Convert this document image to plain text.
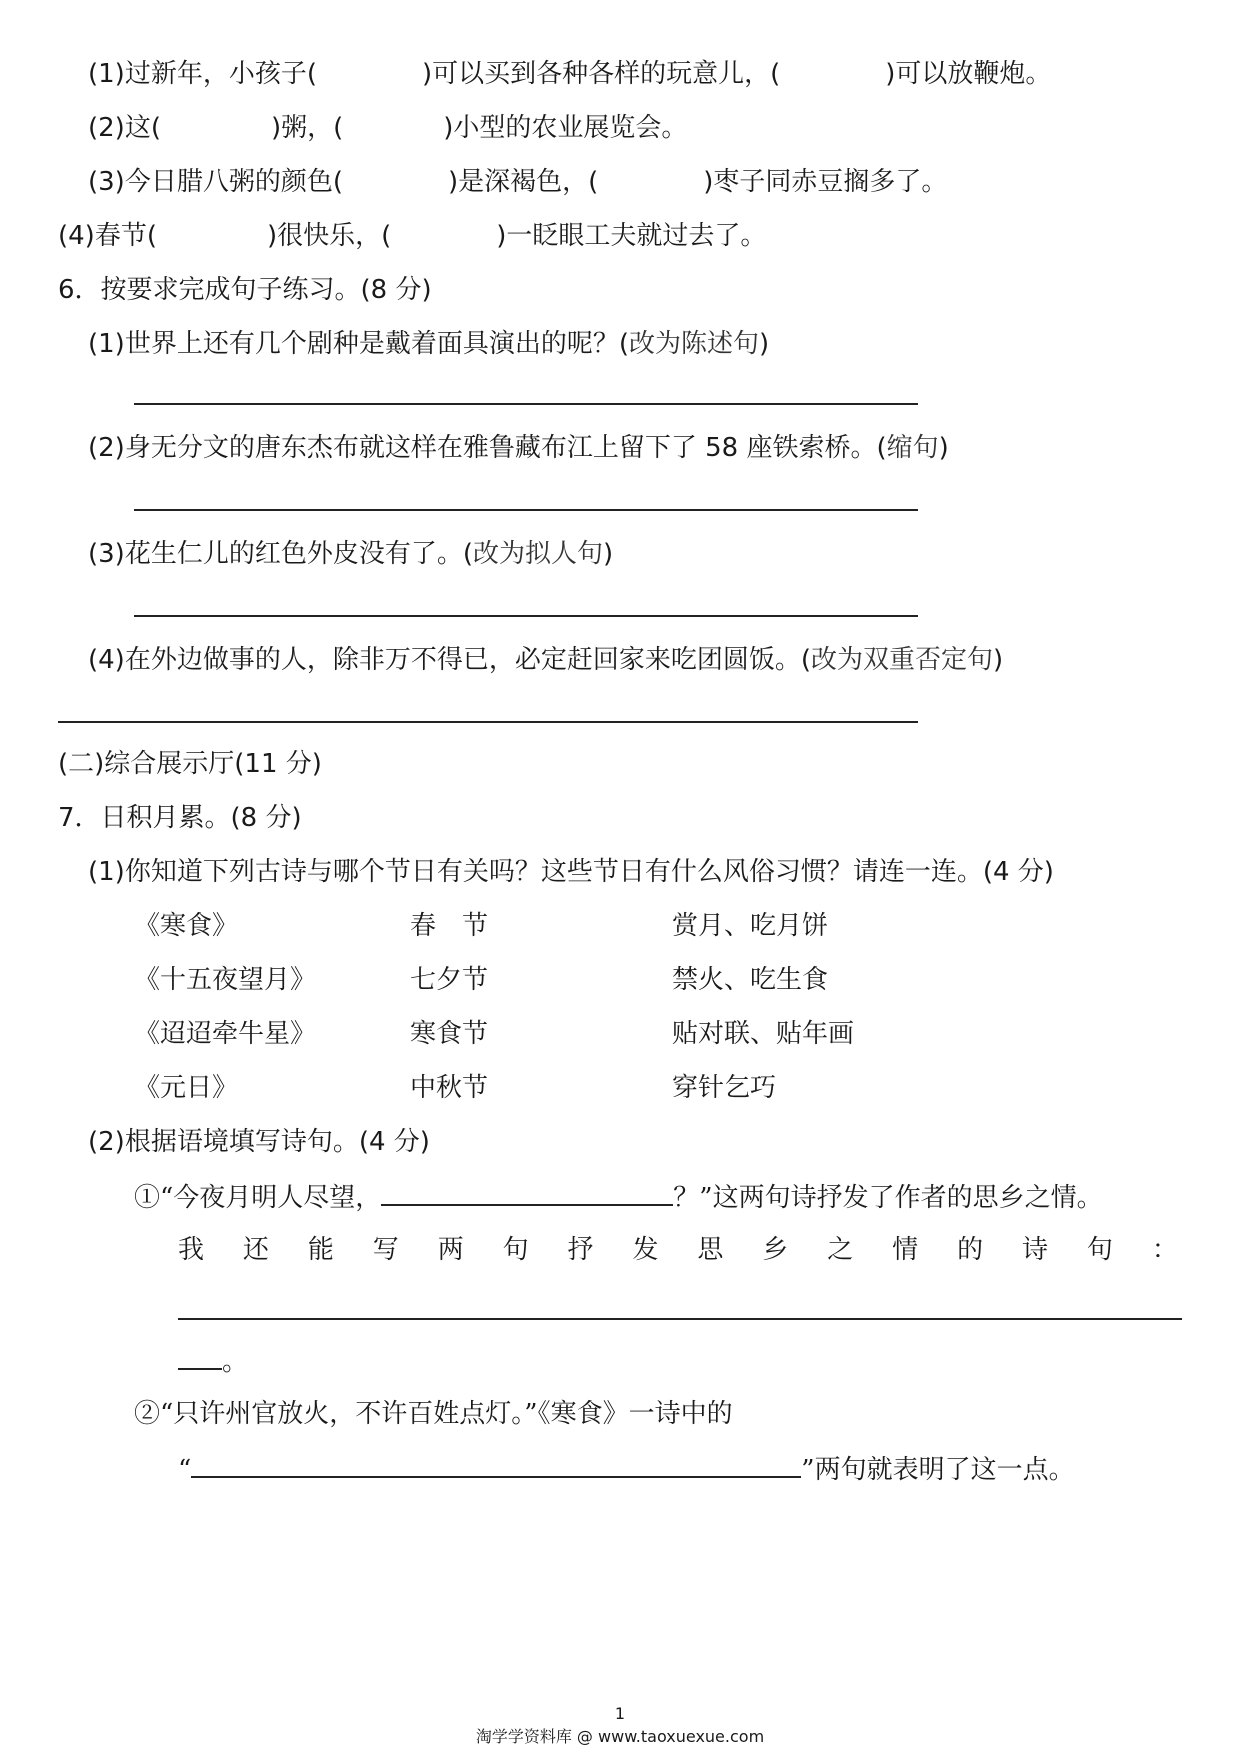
(1)过新年，小孩子(	)可以买到各种各样的玩意儿，(	)可以放鞭炮。
(2)这(	)粥，(	)小型的农业展览会。
(3)今日腊八粥的颜色(	)是深褐色，(	)枣子同赤豆搁多了。
(4)春节(	)很快乐，(	)一眨眼工夫就过去了。
6．按要求完成句子练习。(8 分)
(1)世界上还有几个剧种是戴着面具演出的呢？(改为陈述句)
(2)身无分文的唐东杰布就这样在雅鲁藏布江上留下了 58 座铁索桥。(缩句)
(3)花生仁儿的红色外皮没有了。(改为拟人句)
(4)在外边做事的人，除非万不得已，必定赶回家来吃团圆饭。(改为双重否定句)
(二)综合展示厅(11 分)
7．日积月累。(8 分)
(1)你知道下列古诗与哪个节日有关吗？这些节日有什么风俗习惯？请连一连。(4 分)
《寒食》	春　节	赏月、吃月饼
《十五夜望月》	七夕节	禁火、吃生食
《迢迢牵牛星》	寒食节	贴对联、贴年画
《元日》	中秋节	穿针乞巧
(2)根据语境填写诗句。(4 分)
①“今夜月明人尽望，	？”这两句诗抒发了作者的思乡之情。
我 还 能 写 两 句 抒 发 思 乡 之 情 的 诗 句 ：
。
②“只许州官放火，不许百姓点灯。”《寒食》一诗中的
“	”两句就表明了这一点。
1
淘学学资料库 @ www.taoxuexue.com
